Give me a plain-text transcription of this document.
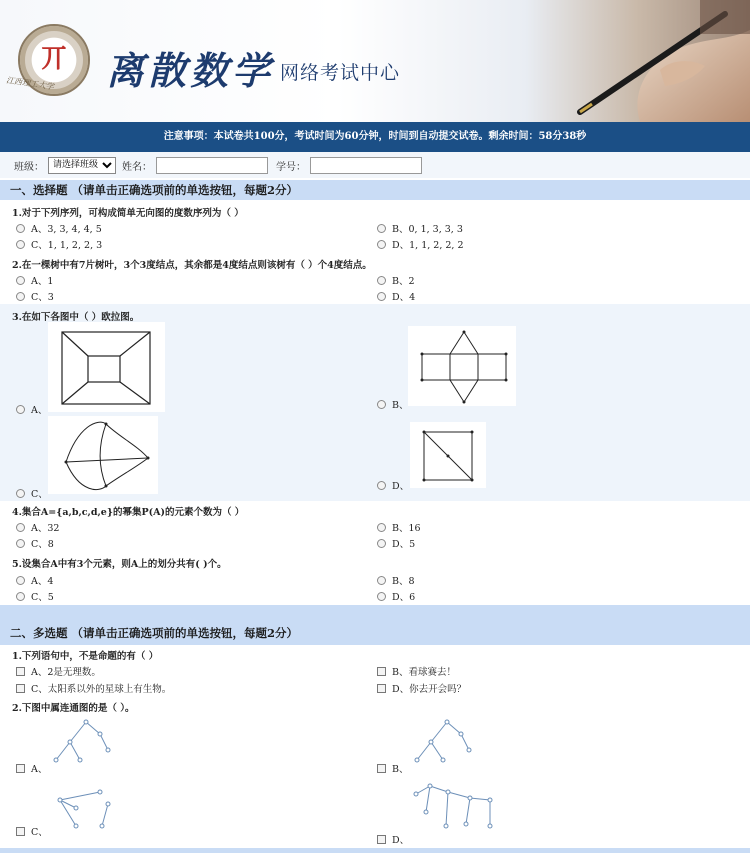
丌 离散数学 网络考试中心
江西理工大学
注意事项：本试卷共100分，考试时间为60分钟，时间到自动提交试卷。剩余时间：58分38秒
班级：
请选择班级	姓名：	学号：
一、选择题 （请单击正确选项前的单选按钮，每题2分）
1.对于下列序列，可构成简单无向图的度数序列为（ ）
A、3, 3, 4, 4, 5	B、0, 1, 3, 3, 3
C、1, 1, 2, 2, 3	D、1, 1, 2, 2, 2
2.在一棵树中有7片树叶，3个3度结点，其余都是4度结点则该树有（ ）个4度结点。
A、1	B、2
C、3	D、4
3.在如下各图中（ ）欧拉图。
A、	B、
C、
D、
4.集合A={a,b,c,d,e}的幂集P(A)的元素个数为（ ）
A、32	B、16
C、8	D、5
5.设集合A中有3个元素，则A上的划分共有( )个。
A、4	B、8
C、5	D、6
二、多选题 （请单击正确选项前的单选按钮，每题2分）
1.下列语句中，不是命题的有（ ）
A、2是无理数。	B、看球赛去！
C、太阳系以外的星球上有生物。	D、你去开会吗？
2.下图中属连通图的是（ ）。
A、	B、
C、
D、
